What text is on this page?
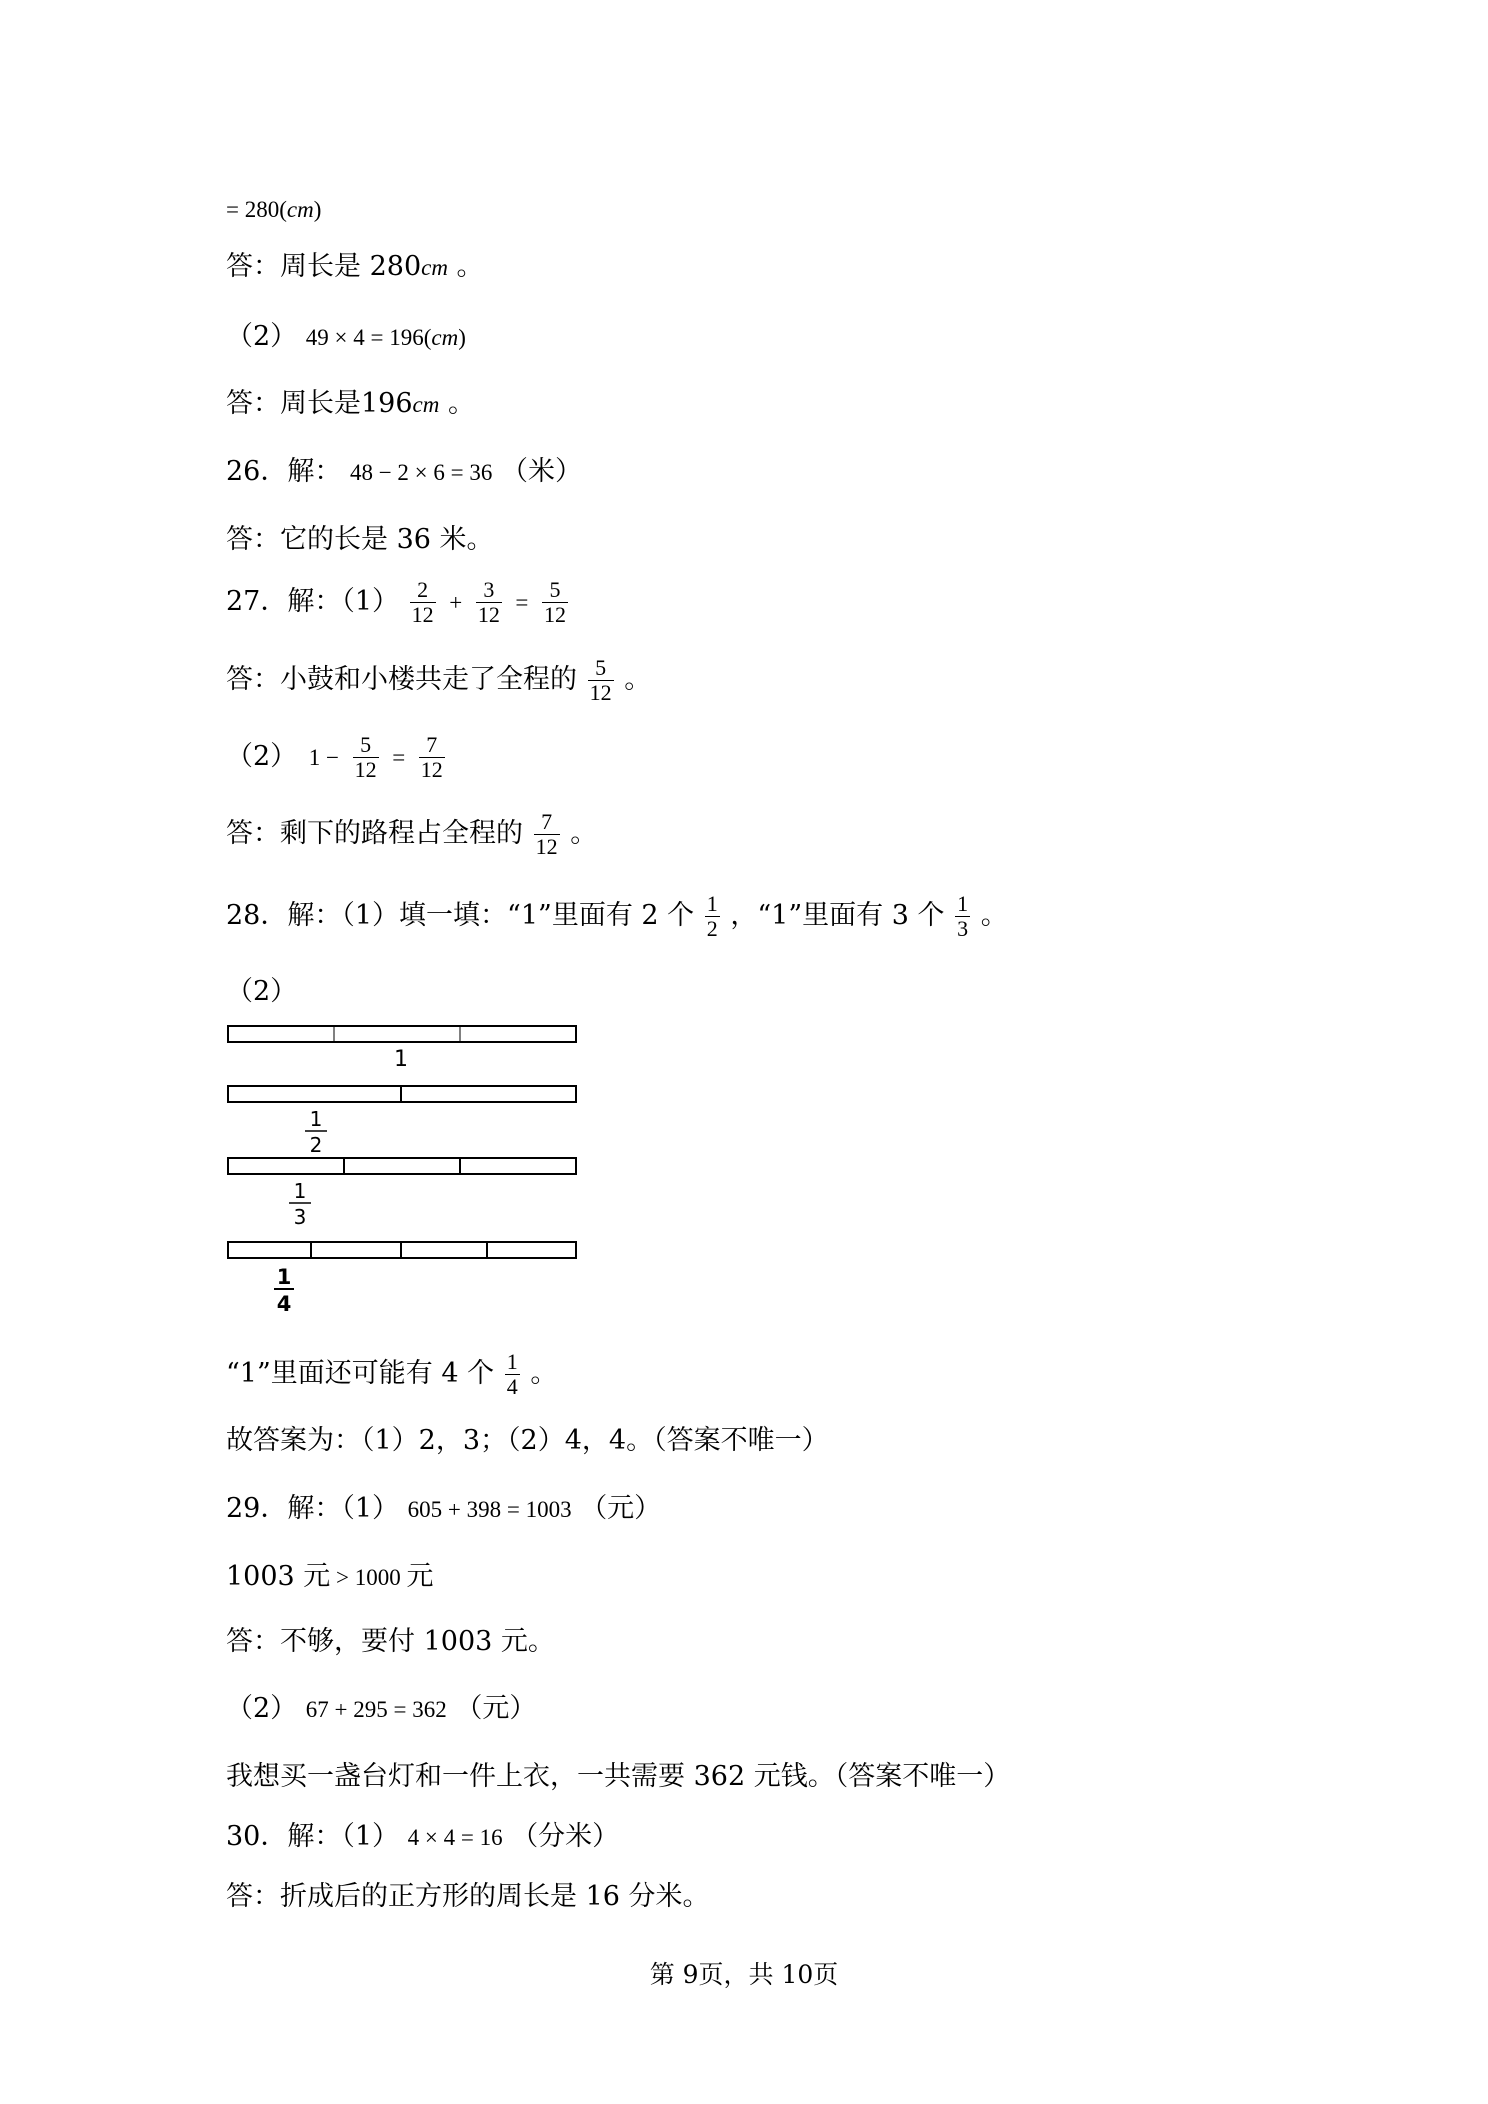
= 280(cm)
答：周长是 280cm 。
（2） 49 × 4 = 196(cm)
答：周长是196cm 。
26．解： 48 − 2 × 6 = 36 （米）
答：它的长是 36 米。
27．解：$(1) \frac{2}{12} + \frac{3}{12} = \frac{5}{12}$
答：小鼓和小楼共走了全程的 $\frac{5}{12}$ 。
（2） $1 - \frac{5}{12} = \frac{7}{12}$
答：剩下的路程占全程的 $\frac{7}{12}$ 。
28．解：（1）填一填：“1”里面有 2 个 $\frac{1}{2}$ ，“1”里面有 3 个 $\frac{1}{3}$ 。
（2）
1
1
2
1
3
1
4
“1”里面还可能有 4 个 $\frac{1}{4}$ 。
故答案为：（1）2，3；（2）4，4。（答案不唯一）
29．解：（1） 605 + 398 = 1003 （元）
1003 元 > 1000 元
答：不够，要付 1003 元。
（2） 67 + 295 = 362 （元）
我想买一盏台灯和一件上衣，一共需要 362 元钱。（答案不唯一）
30．解：（1） 4 × 4 = 16 （分米）
答：折成后的正方形的周长是 16 分米。
第 9页，共 10页
